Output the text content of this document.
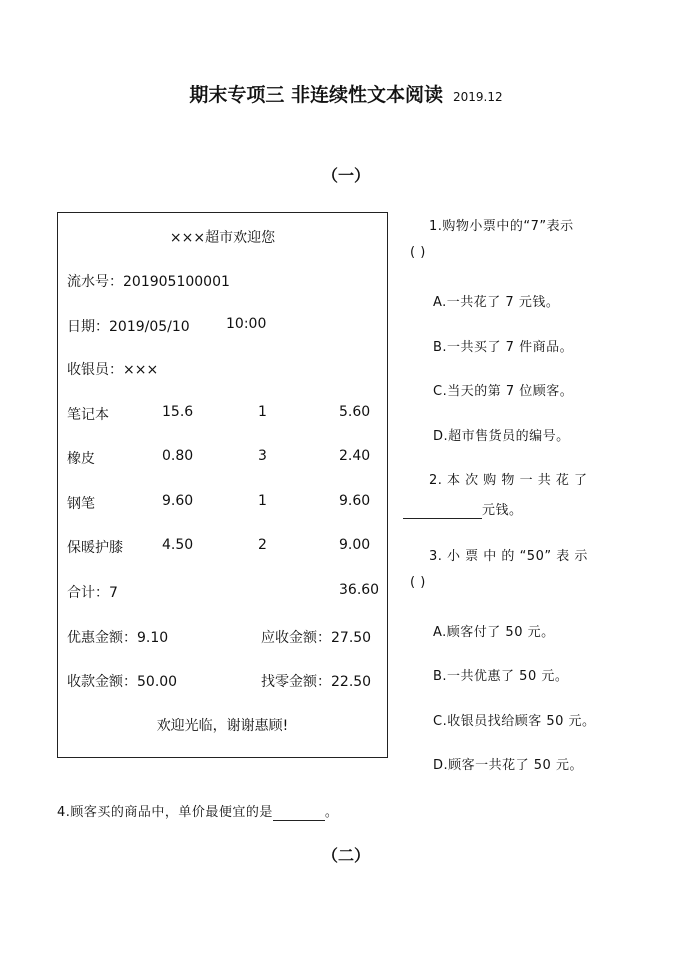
期末专项三 非连续性文本阅读 2019.12
（一）
×××超市欢迎您
流水号：201905100001
日期：2019/05/10	10:00
收银员：×××
笔记本	15.6	1	5.60
橡皮	0.80	3	2.40
钢笔	9.60	1	9.60
保暖护膝	4.50	2	9.00
合计：7	36.60
优惠金额：9.10	应收金额：27.50
收款金额：50.00	找零金额：22.50
欢迎光临，谢谢惠顾!
1.购物小票中的“7”表示
( )
A.一共花了 7 元钱。
B.一共买了 7 件商品。
C.当天的第 7 位顾客。
D.超市售货员的编号。
2. 本 次 购 物 一 共 花 了
元钱。
3. 小 票 中 的 “50” 表 示
( )
A.顾客付了 50 元。
B.一共优惠了 50 元。
C.收银员找给顾客 50 元。
D.顾客一共花了 50 元。
4.顾客买的商品中，单价最便宜的是	。
（二）
